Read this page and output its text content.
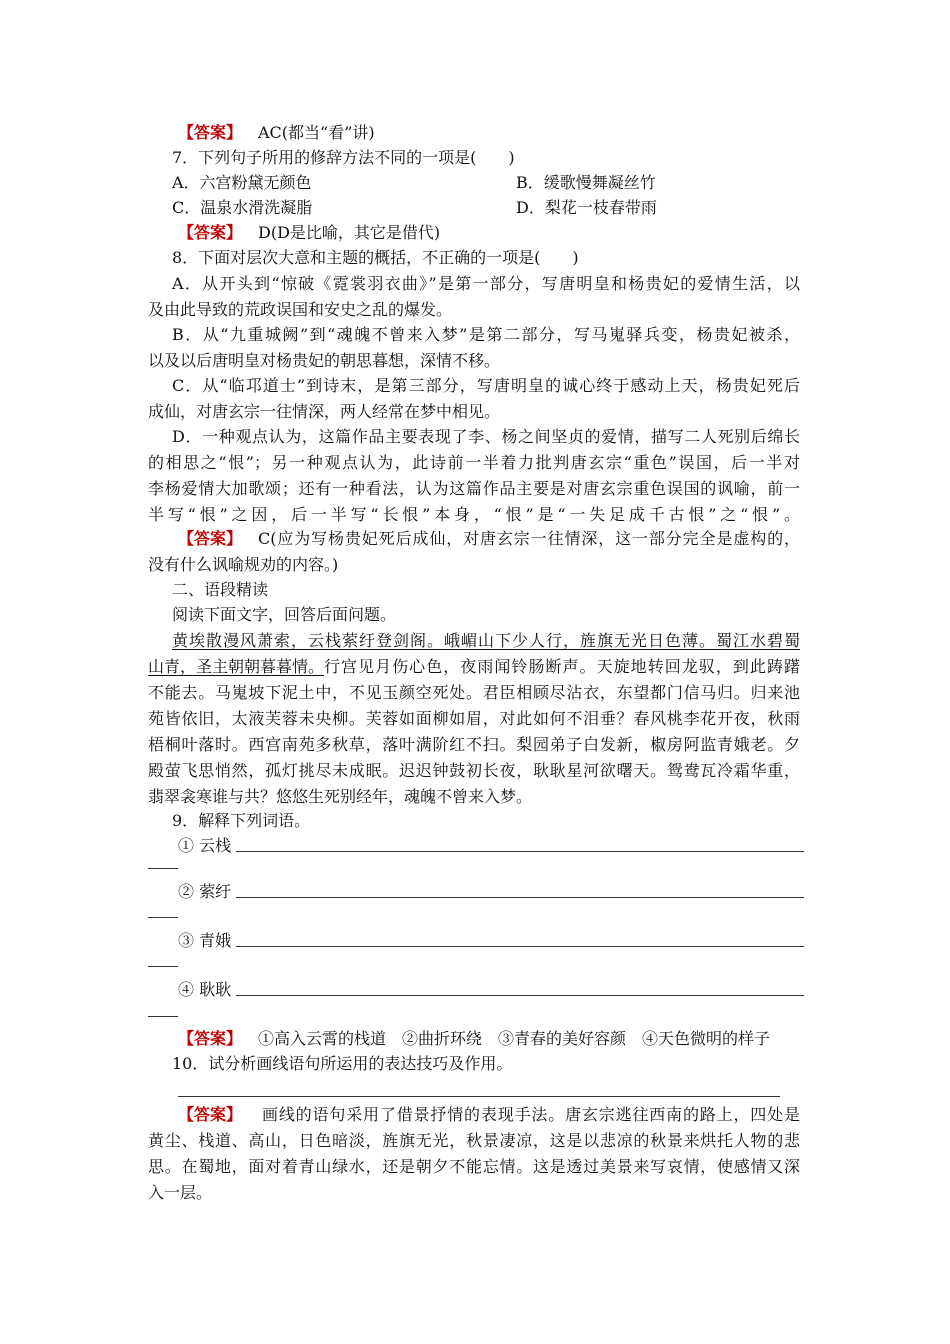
【答案】 AC(都当“看”讲)
7．下列句子所用的修辞方法不同的一项是(　　)
A．六宫粉黛无颜色	B．缓歌慢舞凝丝竹
C．温泉水滑洗凝脂	D．梨花一枝春带雨
【答案】 D(D是比喻，其它是借代)
8．下面对层次大意和主题的概括，不正确的一项是(　　)
A．从开头到“惊破《霓裳羽衣曲》”是第一部分，写唐明皇和杨贵妃的爱情生活，以
及由此导致的荒政误国和安史之乱的爆发。
B．从“九重城阙”到“魂魄不曾来入梦”是第二部分，写马嵬驿兵变，杨贵妃被杀，
以及以后唐明皇对杨贵妃的朝思暮想，深情不移。
C．从“临邛道士”到诗末，是第三部分，写唐明皇的诚心终于感动上天，杨贵妃死后
成仙，对唐玄宗一往情深，两人经常在梦中相见。
D．一种观点认为，这篇作品主要表现了李、杨之间坚贞的爱情，描写二人死别后绵长
的相思之“恨”；另一种观点认为，此诗前一半着力批判唐玄宗“重色”误国，后一半对
李杨爱情大加歌颂；还有一种看法，认为这篇作品主要是对唐玄宗重色误国的讽喻，前一
半写“恨”之因，后一半写“长恨”本身，“恨”是“一失足成千古恨”之“恨”。
【答案】 C(应为写杨贵妃死后成仙，对唐玄宗一往情深，这一部分完全是虚构的，
没有什么讽喻规劝的内容。)
二、语段精读
阅读下面文字，回答后面问题。
黄埃散漫风萧索，云栈萦纡登剑阁。峨嵋山下少人行，旌旗无光日色薄。蜀江水碧蜀
山青，圣主朝朝暮暮情。 行宫见月伤心色，夜雨闻铃肠断声。天旋地转回龙驭，到此踌躇
不能去。马嵬坡下泥土中，不见玉颜空死处。君臣相顾尽沾衣，东望都门信马归。归来池
苑皆依旧，太液芙蓉未央柳。芙蓉如面柳如眉，对此如何不泪垂？春风桃李花开夜，秋雨
梧桐叶落时。西宫南苑多秋草，落叶满阶红不扫。梨园弟子白发新，椒房阿监青娥老。夕
殿萤飞思悄然，孤灯挑尽未成眠。迟迟钟鼓初长夜，耿耿星河欲曙天。鸳鸯瓦冷霜华重，
翡翠衾寒谁与共？悠悠生死别经年，魂魄不曾来入梦。
9．解释下列词语。
① 云栈
② 萦纡
③ 青娥
④ 耿耿
【答案】 ①高入云霄的栈道　②曲折环绕　③青春的美好容颜　④天色微明的样子
10．试分析画线语句所运用的表达技巧及作用。
【答案】 画线的语句采用了借景抒情的表现手法。唐玄宗逃往西南的路上，四处是
黄尘、栈道、高山，日色暗淡，旌旗无光，秋景凄凉，这是以悲凉的秋景来烘托人物的悲
思。在蜀地，面对着青山绿水，还是朝夕不能忘情。这是透过美景来写哀情，使感情又深
入一层。
